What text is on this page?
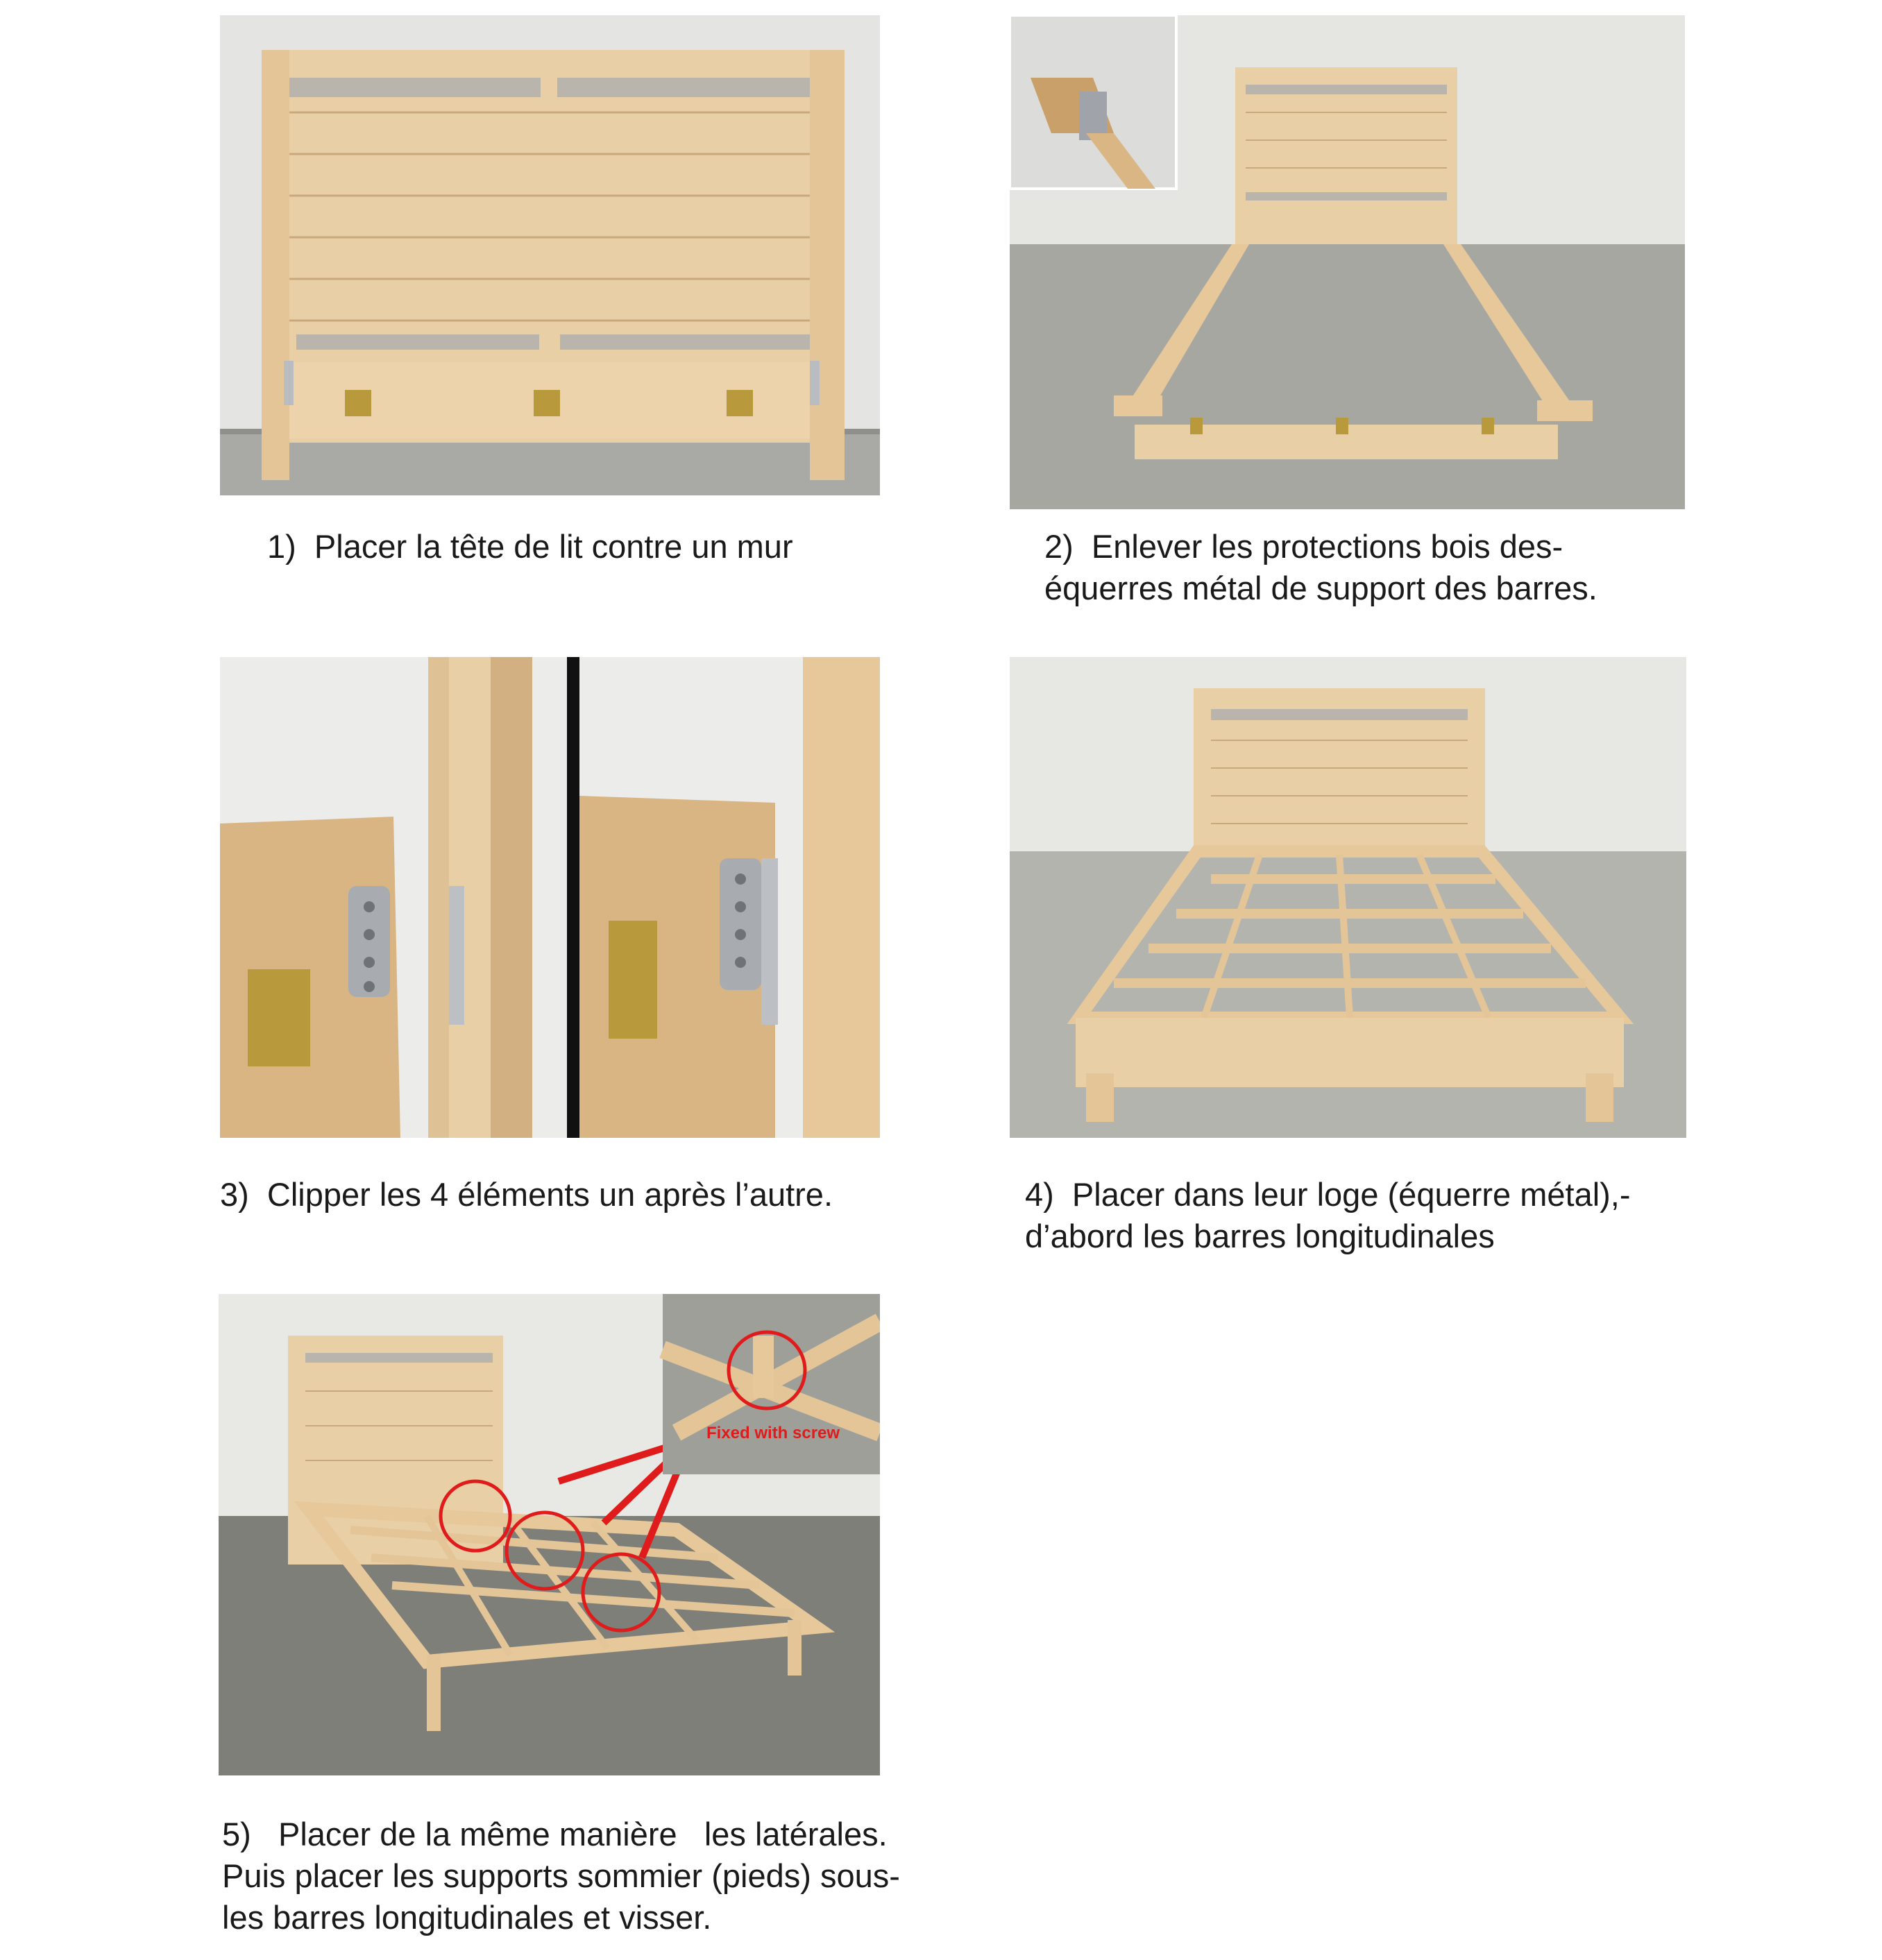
Fixed with screw
1) Placer la tête de lit contre un mur	2) Enlever les protections bois des-
équerres métal de support des barres.
3) Clipper les 4 éléments un après l’autre.	4) Placer dans leur loge (équerre métal),-
d’abord les barres longitudinales
5) Placer de la même manière   les latérales.
Puis placer les supports sommier (pieds) sous-
les barres longitudinales et visser.
